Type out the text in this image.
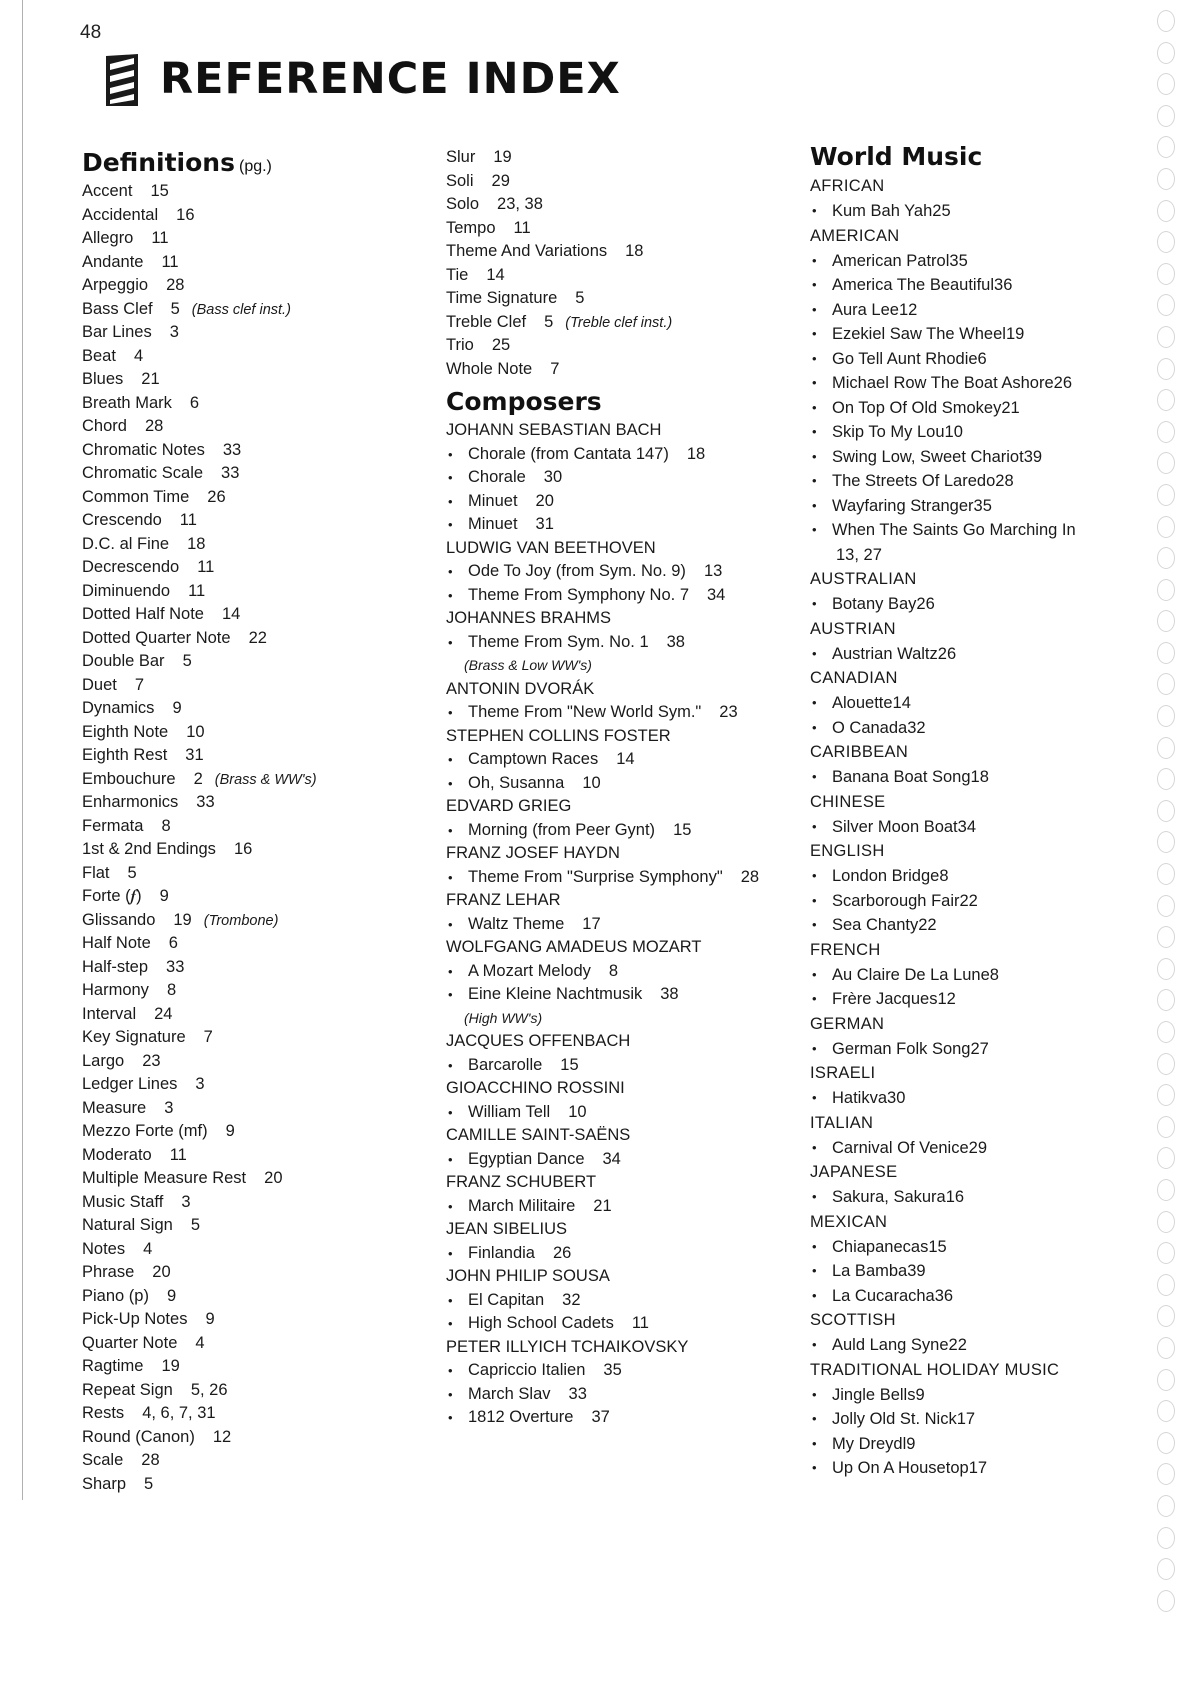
48
REFERENCE INDEX
Definitions (pg.)
Accent 15
Accidental 16
Allegro 11
Andante 11
Arpeggio 28
Bass Clef 5 (Bass clef inst.)
Bar Lines 3
Beat 4
Blues 21
Breath Mark 6
Chord 28
Chromatic Notes 33
Chromatic Scale 33
Common Time 26
Crescendo 11
D.C. al Fine 18
Decrescendo 11
Diminuendo 11
Dotted Half Note 14
Dotted Quarter Note 22
Double Bar 5
Duet 7
Dynamics 9
Eighth Note 10
Eighth Rest 31
Embouchure 2 (Brass & WW's)
Enharmonics 33
Fermata 8
1st & 2nd Endings 16
Flat 5
Forte (𝆑) 9
Glissando 19 (Trombone)
Half Note 6
Half-step 33
Harmony 8
Interval 24
Key Signature 7
Largo 23
Ledger Lines 3
Measure 3
Mezzo Forte (mf) 9
Moderato 11
Multiple Measure Rest 20
Music Staff 3
Natural Sign 5
Notes 4
Phrase 20
Piano (p) 9
Pick-Up Notes 9
Quarter Note 4
Ragtime 19
Repeat Sign 5, 26
Rests 4, 6, 7, 31
Round (Canon) 12
Scale 28
Sharp 5
Slur 19
Soli 29
Solo 23, 38
Tempo 11
Theme And Variations 18
Tie 14
Time Signature 5
Treble Clef 5 (Treble clef inst.)
Trio 25
Whole Note 7
Composers
JOHANN SEBASTIAN BACH
• Chorale (from Cantata 147) 18
• Chorale 30
• Minuet 20
• Minuet 31
LUDWIG VAN BEETHOVEN
• Ode To Joy (from Sym. No. 9) 13
• Theme From Symphony No. 7 34
JOHANNES BRAHMS
• Theme From Sym. No. 1 38
(Brass & Low WW's)
ANTONIN DVORÁK
• Theme From "New World Sym." 23
STEPHEN COLLINS FOSTER
• Camptown Races 14
• Oh, Susanna 10
EDVARD GRIEG
• Morning (from Peer Gynt) 15
FRANZ JOSEF HAYDN
• Theme From "Surprise Symphony" 28
FRANZ LEHAR
• Waltz Theme 17
WOLFGANG AMADEUS MOZART
• A Mozart Melody 8
• Eine Kleine Nachtmusik 38
(High WW's)
JACQUES OFFENBACH
• Barcarolle 15
GIOACCHINO ROSSINI
• William Tell 10
CAMILLE SAINT-SAËNS
• Egyptian Dance 34
FRANZ SCHUBERT
• March Militaire 21
JEAN SIBELIUS
• Finlandia 26
JOHN PHILIP SOUSA
• El Capitan 32
• High School Cadets 11
PETER ILLYICH TCHAIKOVSKY
• Capriccio Italien 35
• March Slav 33
• 1812 Overture 37
World Music
AFRICAN
• Kum Bah Yah25
AMERICAN
• American Patrol35
• America The Beautiful36
• Aura Lee12
• Ezekiel Saw The Wheel19
• Go Tell Aunt Rhodie6
• Michael Row The Boat Ashore26
• On Top Of Old Smokey21
• Skip To My Lou10
• Swing Low, Sweet Chariot39
• The Streets Of Laredo28
• Wayfaring Stranger35
• When The Saints Go Marching In
13, 27
AUSTRALIAN
• Botany Bay26
AUSTRIAN
• Austrian Waltz26
CANADIAN
• Alouette14
• O Canada32
CARIBBEAN
• Banana Boat Song18
CHINESE
• Silver Moon Boat34
ENGLISH
• London Bridge8
• Scarborough Fair22
• Sea Chanty22
FRENCH
• Au Claire De La Lune8
• Frère Jacques12
GERMAN
• German Folk Song27
ISRAELI
• Hatikva30
ITALIAN
• Carnival Of Venice29
JAPANESE
• Sakura, Sakura16
MEXICAN
• Chiapanecas15
• La Bamba39
• La Cucaracha36
SCOTTISH
• Auld Lang Syne22
TRADITIONAL HOLIDAY MUSIC
• Jingle Bells9
• Jolly Old St. Nick17
• My Dreydl9
• Up On A Housetop17
